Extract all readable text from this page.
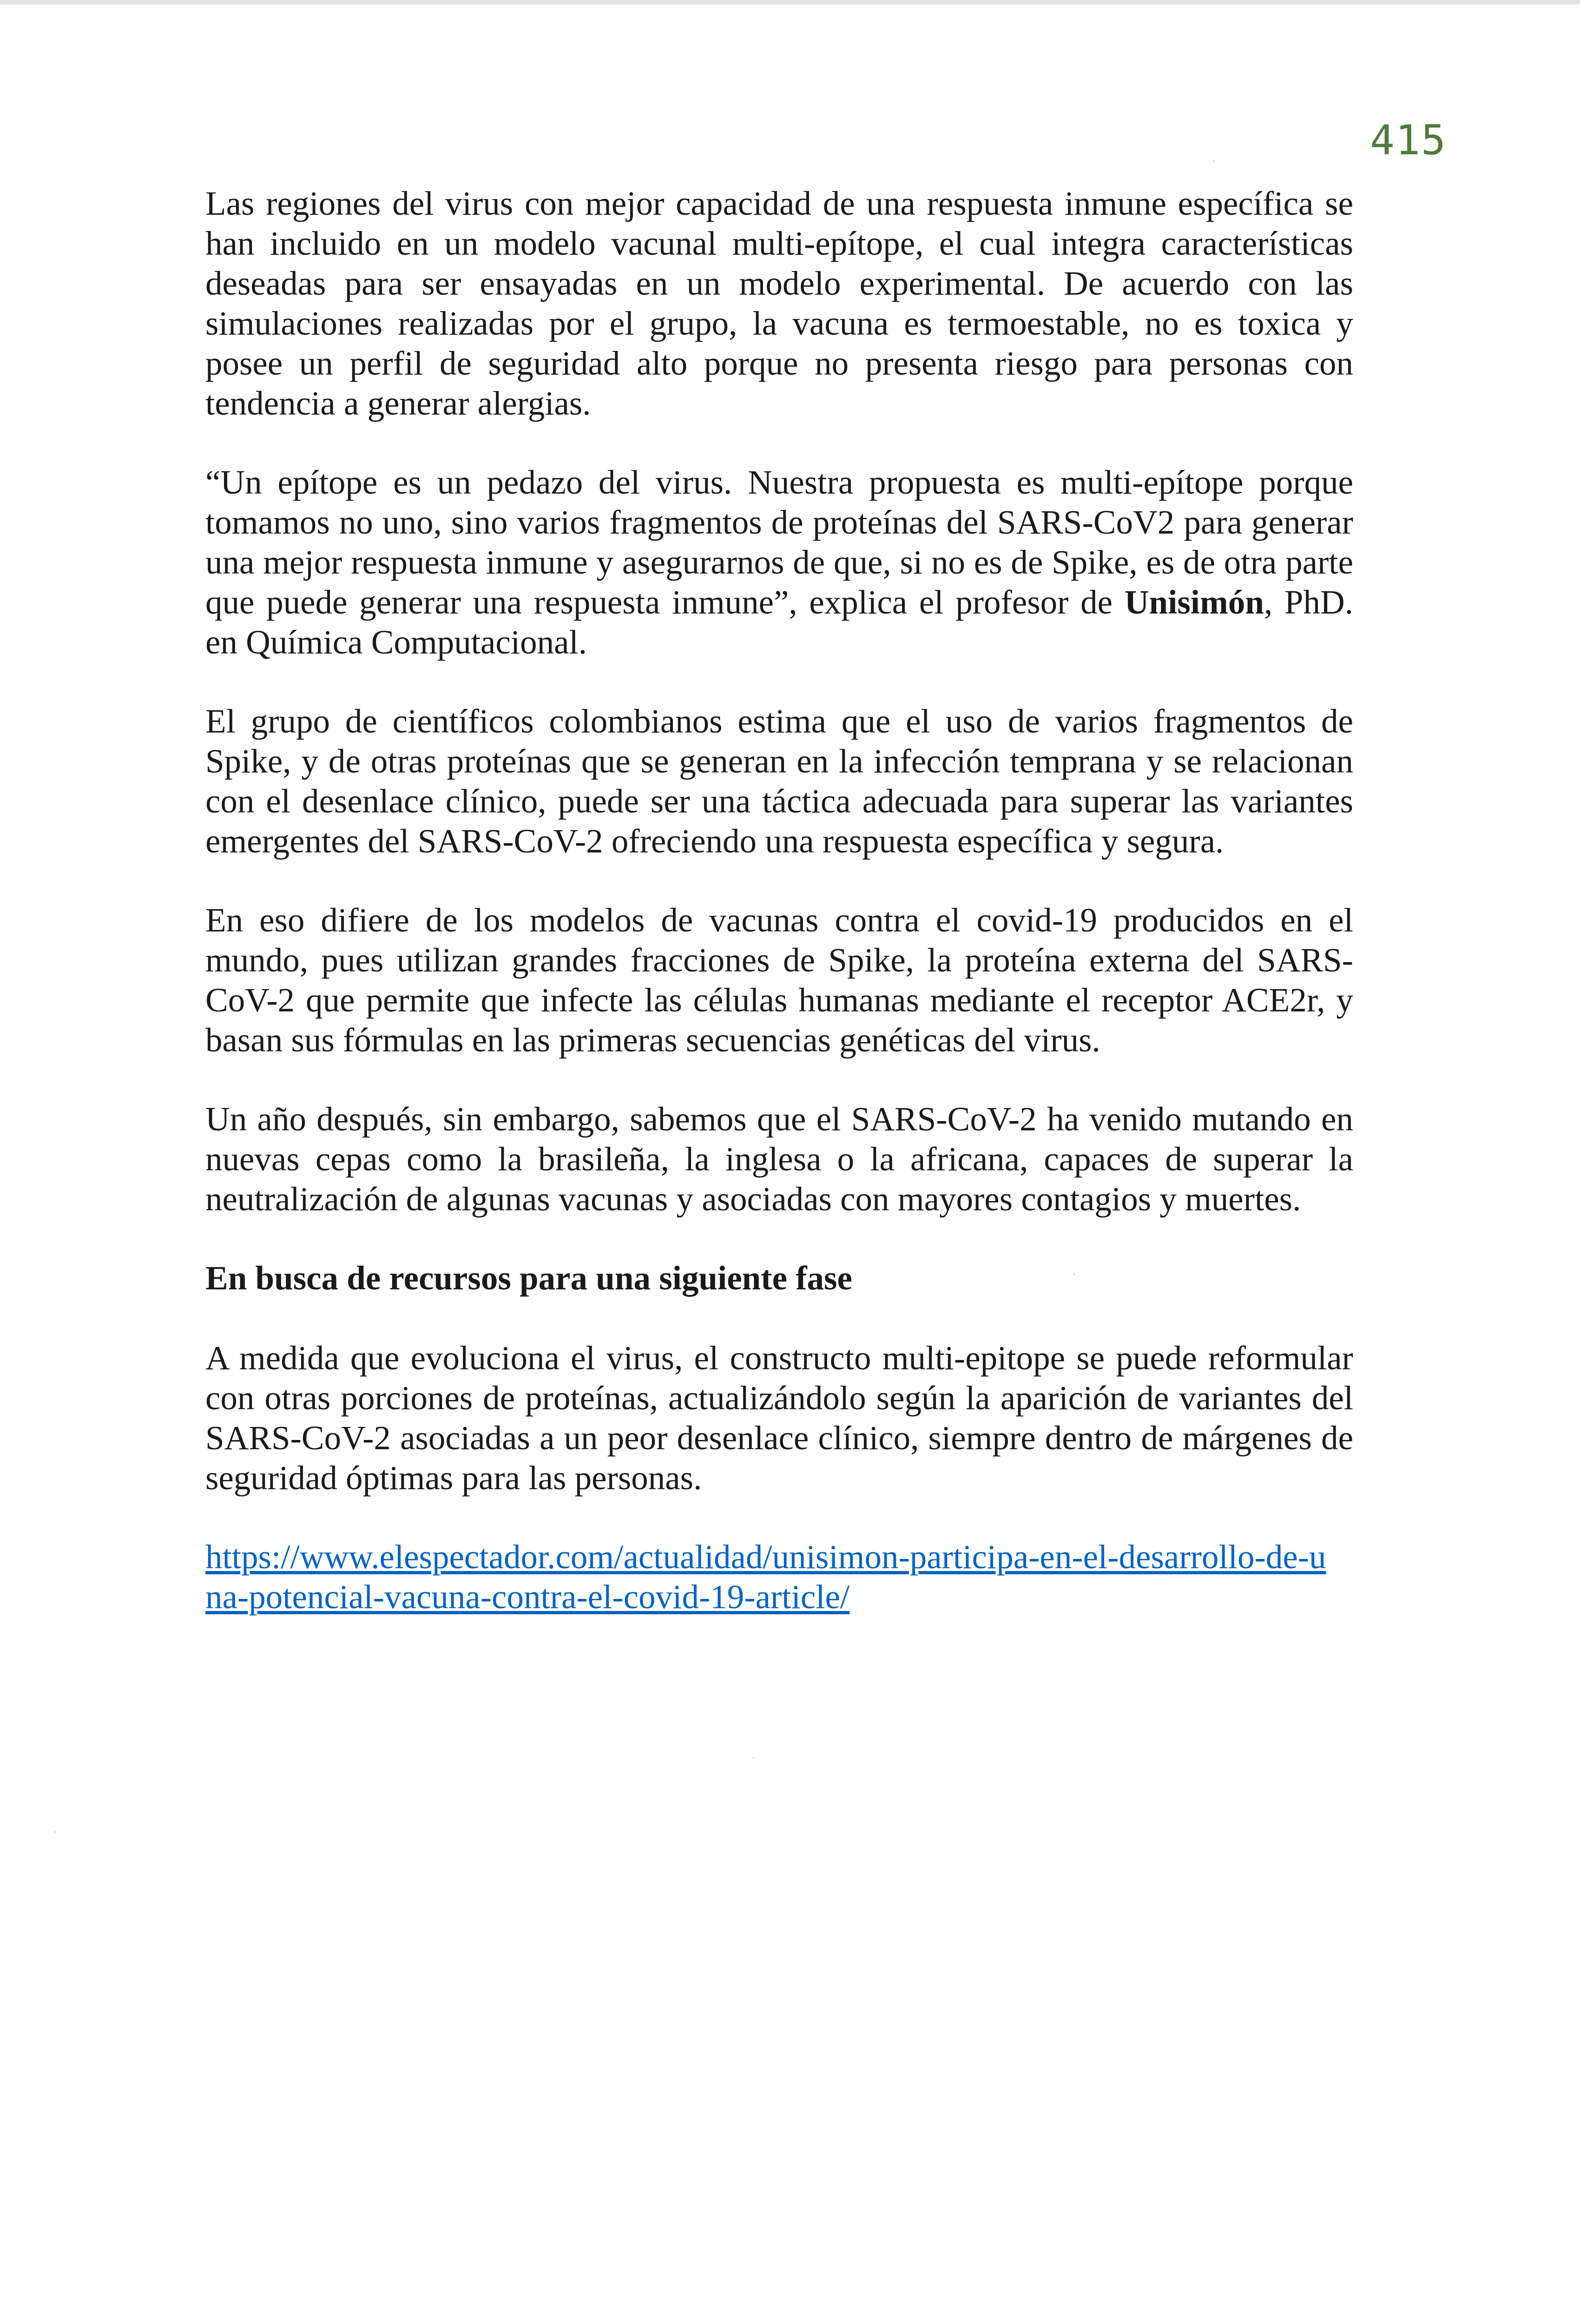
415

Las regiones del virus con mejor capacidad de una respuesta inmune específica se han incluido en un modelo vacunal multi-epítope, el cual integra características deseadas para ser ensayadas en un modelo experimental. De acuerdo con las simulaciones realizadas por el grupo, la vacuna es termoestable, no es toxica y posee un perfil de seguridad alto porque no presenta riesgo para personas con tendencia a generar alergias.

“Un epítope es un pedazo del virus. Nuestra propuesta es multi-epítope porque tomamos no uno, sino varios fragmentos de proteínas del SARS-CoV2 para generar una mejor respuesta inmune y asegurarnos de que, si no es de Spike, es de otra parte que puede generar una respuesta inmune”, explica el profesor de Unisimón, PhD. en Química Computacional.

El grupo de científicos colombianos estima que el uso de varios fragmentos de Spike, y de otras proteínas que se generan en la infección temprana y se relacionan con el desenlace clínico, puede ser una táctica adecuada para superar las variantes emergentes del SARS-CoV-2 ofreciendo una respuesta específica y segura.

En eso difiere de los modelos de vacunas contra el covid-19 producidos en el mundo, pues utilizan grandes fracciones de Spike, la proteína externa del SARS-CoV-2 que permite que infecte las células humanas mediante el receptor ACE2r, y basan sus fórmulas en las primeras secuencias genéticas del virus.

Un año después, sin embargo, sabemos que el SARS-CoV-2 ha venido mutando en nuevas cepas como la brasileña, la inglesa o la africana, capaces de superar la neutralización de algunas vacunas y asociadas con mayores contagios y muertes.

En busca de recursos para una siguiente fase

A medida que evoluciona el virus, el constructo multi-epitope se puede reformular con otras porciones de proteínas, actualizándolo según la aparición de variantes del SARS-CoV-2 asociadas a un peor desenlace clínico, siempre dentro de márgenes de seguridad óptimas para las personas.

https://www.elespectador.com/actualidad/unisimon-participa-en-el-desarrollo-de-una-potencial-vacuna-contra-el-covid-19-article/
